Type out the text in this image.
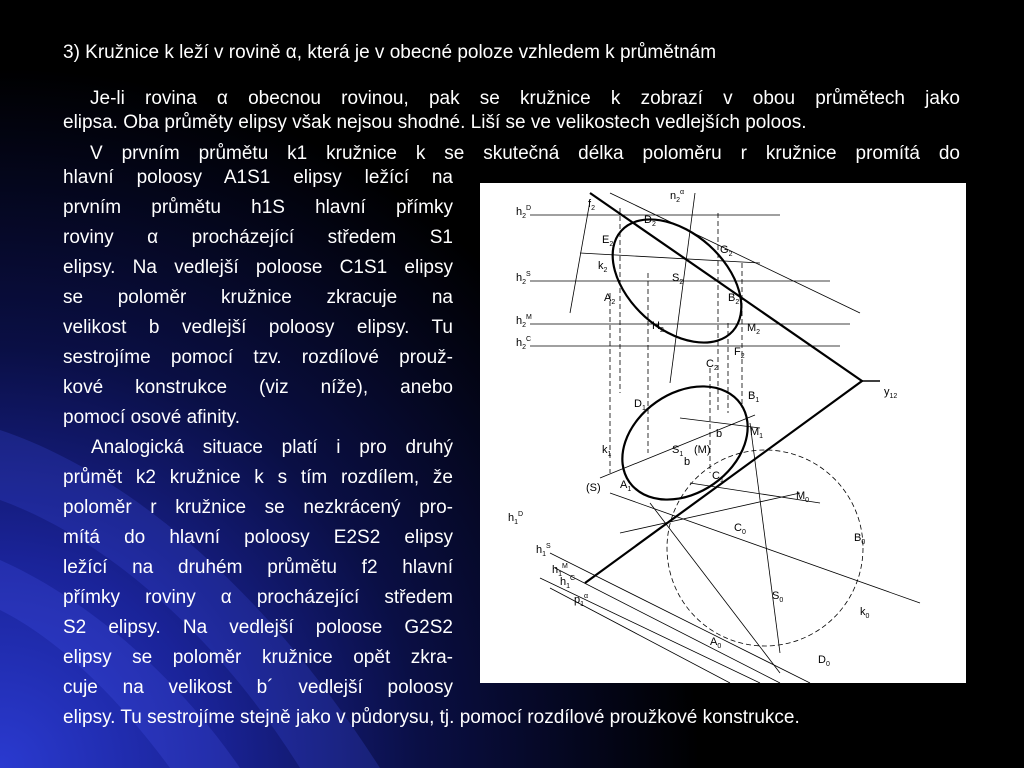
3) Kružnice k leží v rovině α, která je v obecné poloze vzhledem k průmětnám
Je-li rovina α obecnou rovinou, pak se kružnice k zobrazí v obou průmětech jako
elipsa. Oba průměty elipsy však nejsou shodné. Liší se ve velikostech vedlejších poloos.
V prvním průmětu k1 kružnice k se skutečná délka poloměru r kružnice promítá do
hlavní poloosy A1S1 elipsy ležící na
prvním průmětu h1S hlavní přímky
roviny α procházející středem S1
elipsy. Na vedlejší poloose C1S1 elipsy
se poloměr kružnice zkracuje na
velikost b vedlejší poloosy elipsy. Tu
sestrojíme pomocí tzv. rozdílové prouž-
kové konstrukce (viz níže), anebo
pomocí osové afinity.
Analogická situace platí i pro druhý
průmět k2 kružnice k s tím rozdílem, že
poloměr r kružnice se nezkrácený pro-
mítá do hlavní poloosy E2S2 elipsy
ležící na druhém průmětu f2 hlavní
přímky roviny α procházející středem
S2 elipsy. Na vedlejší poloose G2S2
elipsy se poloměr kružnice opět zkra-
cuje na velikost b´ vedlejší poloosy
elipsy. Tu sestrojíme stejně jako v půdorysu, tj. pomocí rozdílové proužkové konstrukce.
$f_2$
$n_2^\alpha$
$h_2^D$
$D_2$
$E_2$	$G_2$
$k_2$
$h_2^S$	$S_2$
$A_2$	$B_2$
$h_2^M$
$H_2$	$M_2$
$h_2^C$
$F_2$
$C_2$
$y_{12}$
$D_1$
$B_1$
$M_1$
b
$k_1$	$S_1$
b
(M)
(S) $A_1$
$C_1$
$M_0$
$h_1^D$
$C_0$	$B_0$
$h_1^S$
$h_1^M$
$h_1^C$
$p_1^\alpha$	$S_0$
$k_0$
$A_0$
$D_0$
